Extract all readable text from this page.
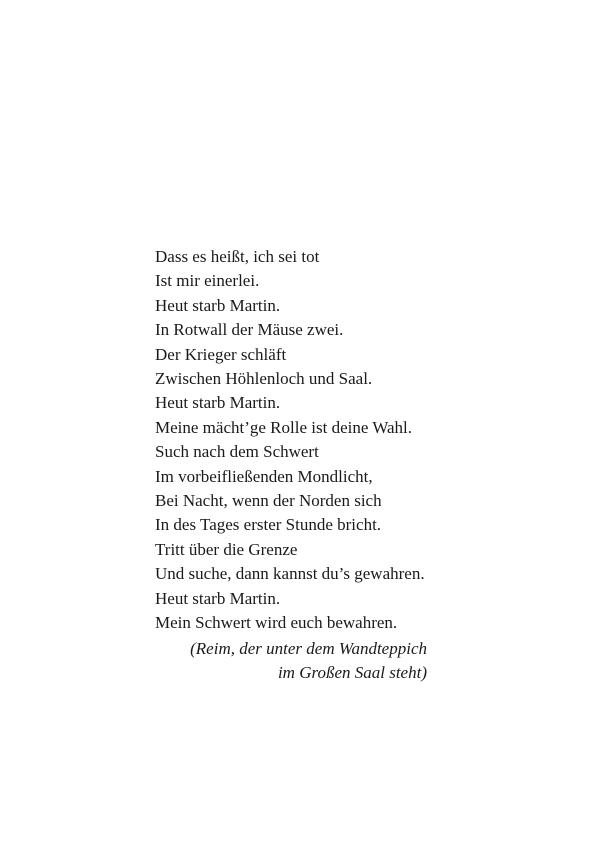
Dass es heißt, ich sei tot
Ist mir einerlei.
Heut starb Martin.
In Rotwall der Mäuse zwei.
Der Krieger schläft
Zwischen Höhlenloch und Saal.
Heut starb Martin.
Meine mächt’ge Rolle ist deine Wahl.
Such nach dem Schwert
Im vorbeifließenden Mondlicht,
Bei Nacht, wenn der Norden sich
In des Tages erster Stunde bricht.
Tritt über die Grenze
Und suche, dann kannst du’s gewahren.
Heut starb Martin.
Mein Schwert wird euch bewahren.
(Reim, der unter dem Wandteppich
im Großen Saal steht)
